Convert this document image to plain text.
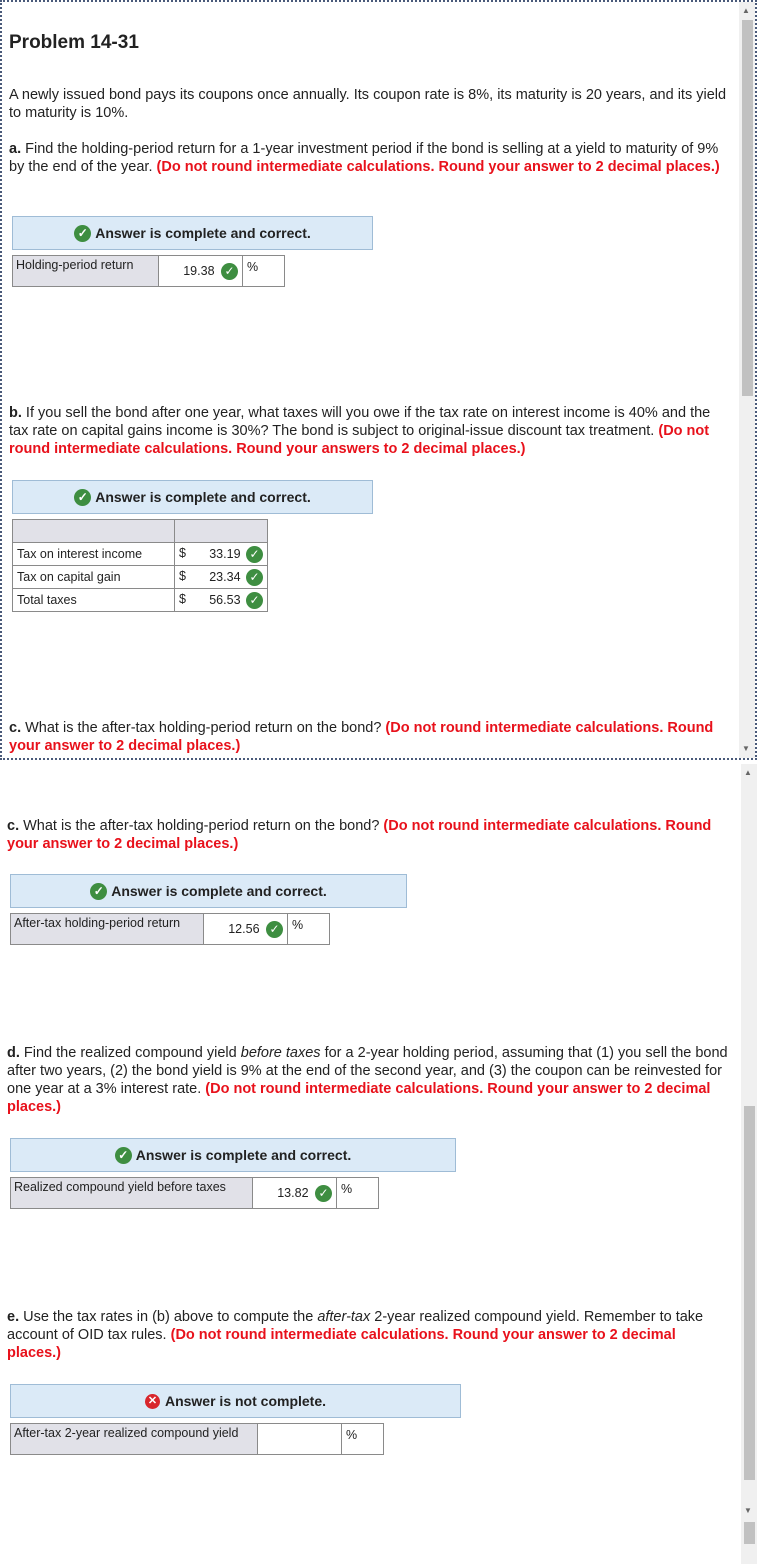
Problem 14-31

A newly issued bond pays its coupons once annually. Its coupon rate is 8%, its maturity is 20 years, and its yield to maturity is 10%.

a. Find the holding-period return for a 1-year investment period if the bond is selling at a yield to maturity of 9% by the end of the year. (Do not round intermediate calculations. Round your answer to 2 decimal places.)

✓ Answer is complete and correct.
Holding-period return	19.38 ✓	%

b. If you sell the bond after one year, what taxes will you owe if the tax rate on interest income is 40% and the tax rate on capital gains income is 30%? The bond is subject to original-issue discount tax treatment. (Do not round intermediate calculations. Round your answers to 2 decimal places.)

✓ Answer is complete and correct.

Tax on interest income	$ 33.19 ✓
Tax on capital gain	$ 23.34 ✓
Total taxes	$ 56.53 ✓

c. What is the after-tax holding-period return on the bond? (Do not round intermediate calculations. Round your answer to 2 decimal places.)

▲
▼

c. What is the after-tax holding-period return on the bond? (Do not round intermediate calculations. Round your answer to 2 decimal places.)

✓ Answer is complete and correct.
After-tax holding-period return	12.56 ✓	%

d. Find the realized compound yield before taxes for a 2-year holding period, assuming that (1) you sell the bond after two years, (2) the bond yield is 9% at the end of the second year, and (3) the coupon can be reinvested for one year at a 3% interest rate. (Do not round intermediate calculations. Round your answer to 2 decimal places.)

✓ Answer is complete and correct.
Realized compound yield before taxes	13.82 ✓	%

e. Use the tax rates in (b) above to compute the after-tax 2-year realized compound yield. Remember to take account of OID tax rules. (Do not round intermediate calculations. Round your answer to 2 decimal places.)

✕ Answer is not complete.
After-tax 2-year realized compound yield		%
▲
▼
